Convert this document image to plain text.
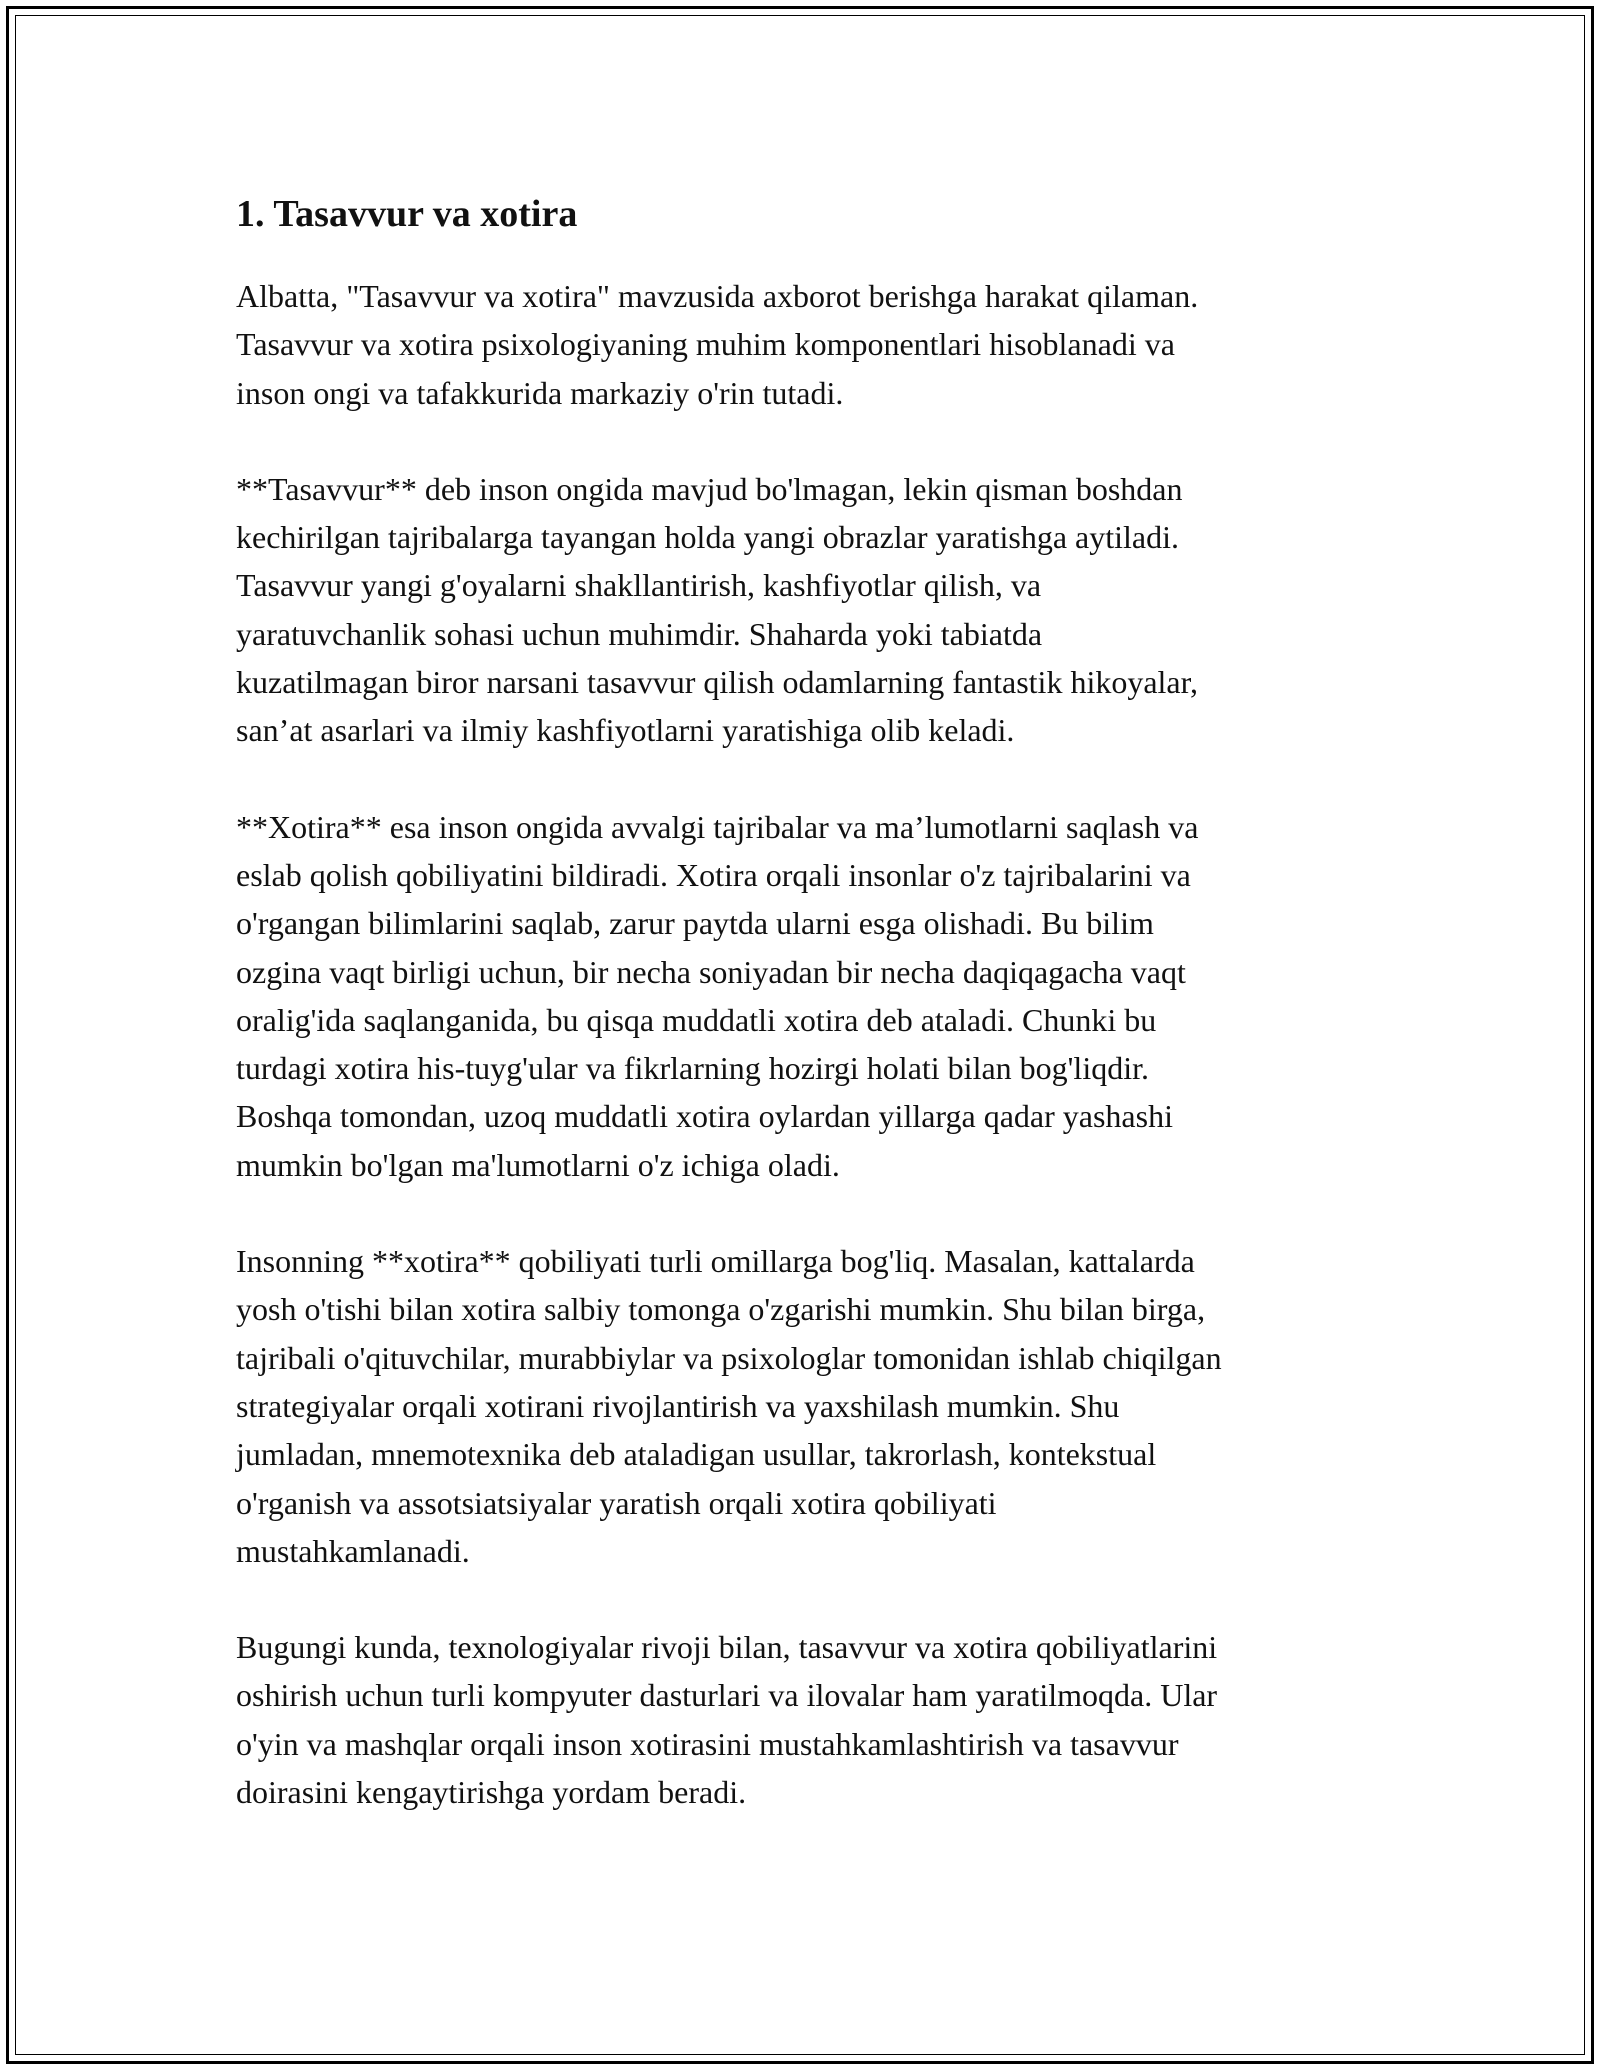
1. Tasavvur va xotira

Albatta, "Tasavvur va xotira" mavzusida axborot berishga harakat qilaman.
Tasavvur va xotira psixologiyaning muhim komponentlari hisoblanadi va
inson ongi va tafakkurida markaziy o'rin tutadi.

**Tasavvur** deb inson ongida mavjud bo'lmagan, lekin qisman boshdan
kechirilgan tajribalarga tayangan holda yangi obrazlar yaratishga aytiladi.
Tasavvur yangi g'oyalarni shakllantirish, kashfiyotlar qilish, va
yaratuvchanlik sohasi uchun muhimdir. Shaharda yoki tabiatda
kuzatilmagan biror narsani tasavvur qilish odamlarning fantastik hikoyalar,
san’at asarlari va ilmiy kashfiyotlarni yaratishiga olib keladi.

**Xotira** esa inson ongida avvalgi tajribalar va ma’lumotlarni saqlash va
eslab qolish qobiliyatini bildiradi. Xotira orqali insonlar o'z tajribalarini va
o'rgangan bilimlarini saqlab, zarur paytda ularni esga olishadi. Bu bilim
ozgina vaqt birligi uchun, bir necha soniyadan bir necha daqiqagacha vaqt
oralig'ida saqlanganida, bu qisqa muddatli xotira deb ataladi. Chunki bu
turdagi xotira his-tuyg'ular va fikrlarning hozirgi holati bilan bog'liqdir.
Boshqa tomondan, uzoq muddatli xotira oylardan yillarga qadar yashashi
mumkin bo'lgan ma'lumotlarni o'z ichiga oladi.

Insonning **xotira** qobiliyati turli omillarga bog'liq. Masalan, kattalarda
yosh o'tishi bilan xotira salbiy tomonga o'zgarishi mumkin. Shu bilan birga,
tajribali o'qituvchilar, murabbiylar va psixologlar tomonidan ishlab chiqilgan
strategiyalar orqali xotirani rivojlantirish va yaxshilash mumkin. Shu
jumladan, mnemotexnika deb ataladigan usullar, takrorlash, kontekstual
o'rganish va assotsiatsiyalar yaratish orqali xotira qobiliyati
mustahkamlanadi.

Bugungi kunda, texnologiyalar rivoji bilan, tasavvur va xotira qobiliyatlarini
oshirish uchun turli kompyuter dasturlari va ilovalar ham yaratilmoqda. Ular
o'yin va mashqlar orqali inson xotirasini mustahkamlashtirish va tasavvur
doirasini kengaytirishga yordam beradi.
